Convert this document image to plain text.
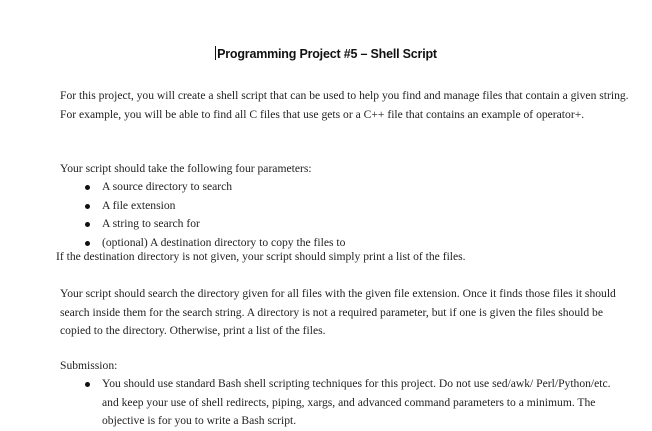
Programming Project #5 – Shell Script

For this project, you will create a shell script that can be used to help you find and manage files that contain a given string. For example, you will be able to find all C files that use gets or a C++ file that contains an example of operator+.

Your script should take the following four parameters:

A source directory to search
A file extension
A string to search for
(optional) A destination directory to copy the files to

If the destination directory is not given, your script should simply print a list of the files.

Your script should search the directory given for all files with the given file extension. Once it finds those files it should search inside them for the search string. A directory is not a required parameter, but if one is given the files should be copied to the directory. Otherwise, print a list of the files.

Submission:

You should use standard Bash shell scripting techniques for this project. Do not use sed/awk/ Perl/Python/etc. and keep your use of shell redirects, piping, xargs, and advanced command parameters to a minimum. The objective is for you to write a Bash script.
